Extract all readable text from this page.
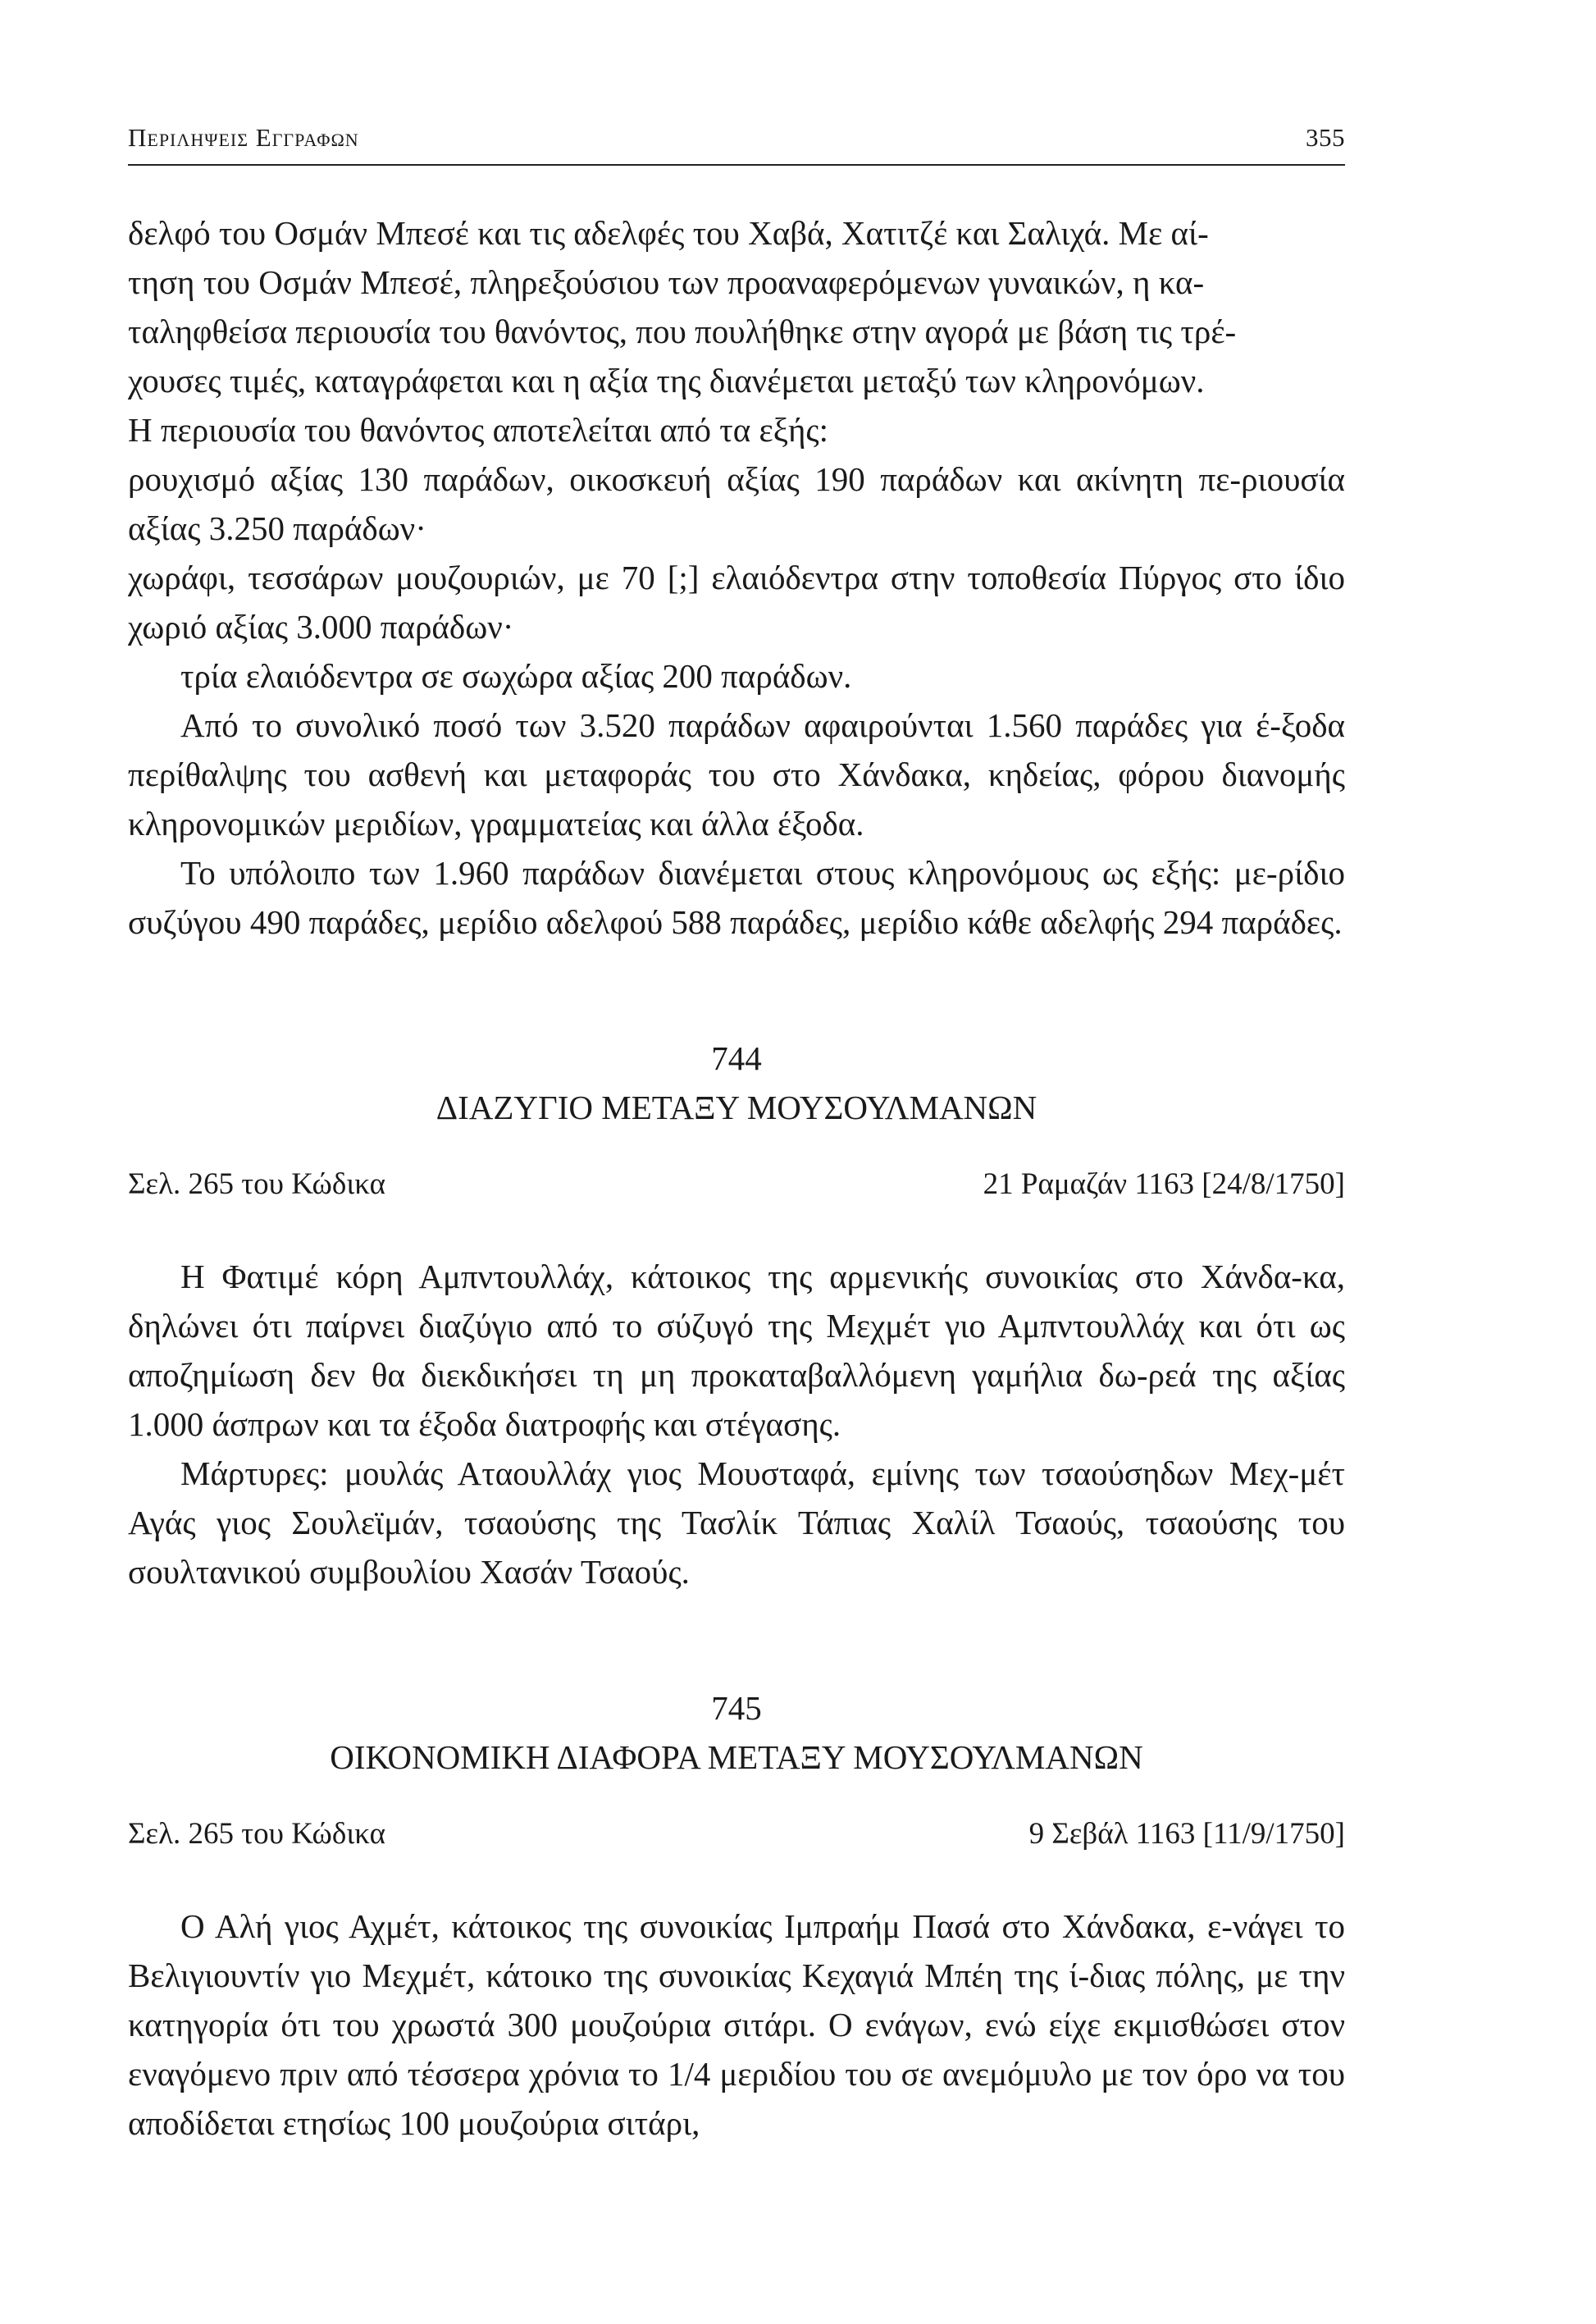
Περιληψεισ Εγγραφων	355

δελφό του Οσμάν Μπεσέ και τις αδελφές του Χαβά, Χατιτζέ και Σαλιχά. Με αί-

τηση του Οσμάν Μπεσέ, πληρεξούσιου των προαναφερόμενων γυναικών, η κα-

ταληφθείσα περιουσία του θανόντος, που πουλήθηκε στην αγορά με βάση τις τρέ-

χουσες τιμές, καταγράφεται και η αξία της διανέμεται μεταξύ των κληρονόμων.

Η περιουσία του θανόντος αποτελείται από τα εξής:

ρουχισμό αξίας 130 παράδων, οικοσκευή αξίας 190 παράδων και ακίνητη πε-ριουσία αξίας 3.250 παράδων·

χωράφι, τεσσάρων μουζουριών, με 70 [;] ελαιόδεντρα στην τοποθεσία Πύργος στο ίδιο χωριό αξίας 3.000 παράδων·

τρία ελαιόδεντρα σε σωχώρα αξίας 200 παράδων.

Από το συνολικό ποσό των 3.520 παράδων αφαιρούνται 1.560 παράδες για έ-ξοδα περίθαλψης του ασθενή και μεταφοράς του στο Χάνδακα, κηδείας, φόρου διανομής κληρονομικών μεριδίων, γραμματείας και άλλα έξοδα.

Το υπόλοιπο των 1.960 παράδων διανέμεται στους κληρονόμους ως εξής: με-ρίδιο συζύγου 490 παράδες, μερίδιο αδελφού 588 παράδες, μερίδιο κάθε αδελφής 294 παράδες.

744
ΔΙΑΖΥΓΙΟ ΜΕΤΑΞΥ ΜΟΥΣΟΥΛΜΑΝΩΝ
Σελ. 265 του Κώδικα	21 Ραμαζάν 1163 [24/8/1750]

Η Φατιμέ κόρη Αμπντουλλάχ, κάτοικος της αρμενικής συνοικίας στο Χάνδα-κα, δηλώνει ότι παίρνει διαζύγιο από το σύζυγό της Μεχμέτ γιο Αμπντουλλάχ και ότι ως αποζημίωση δεν θα διεκδικήσει τη μη προκαταβαλλόμενη γαμήλια δω-ρεά της αξίας 1.000 άσπρων και τα έξοδα διατροφής και στέγασης.

Μάρτυρες: μουλάς Αταουλλάχ γιος Μουσταφά, εμίνης των τσαούσηδων Μεχ-μέτ Αγάς γιος Σουλεϊμάν, τσαούσης της Τασλίκ Τάπιας Χαλίλ Τσαούς, τσαούσης του σουλτανικού συμβουλίου Χασάν Τσαούς.

745
ΟΙΚΟΝΟΜΙΚΗ ΔΙΑΦΟΡΑ ΜΕΤΑΞΥ ΜΟΥΣΟΥΛΜΑΝΩΝ
Σελ. 265 του Κώδικα	9 Σεβάλ 1163 [11/9/1750]

Ο Αλή γιος Αχμέτ, κάτοικος της συνοικίας Ιμπραήμ Πασά στο Χάνδακα, ε-νάγει το Βελιγιουντίν γιο Μεχμέτ, κάτοικο της συνοικίας Κεχαγιά Μπέη της ί-διας πόλης, με την κατηγορία ότι του χρωστά 300 μουζούρια σιτάρι. Ο ενάγων, ενώ είχε εκμισθώσει στον εναγόμενο πριν από τέσσερα χρόνια το 1/4 μεριδίου του σε ανεμόμυλο με τον όρο να του αποδίδεται ετησίως 100 μουζούρια σιτάρι,
